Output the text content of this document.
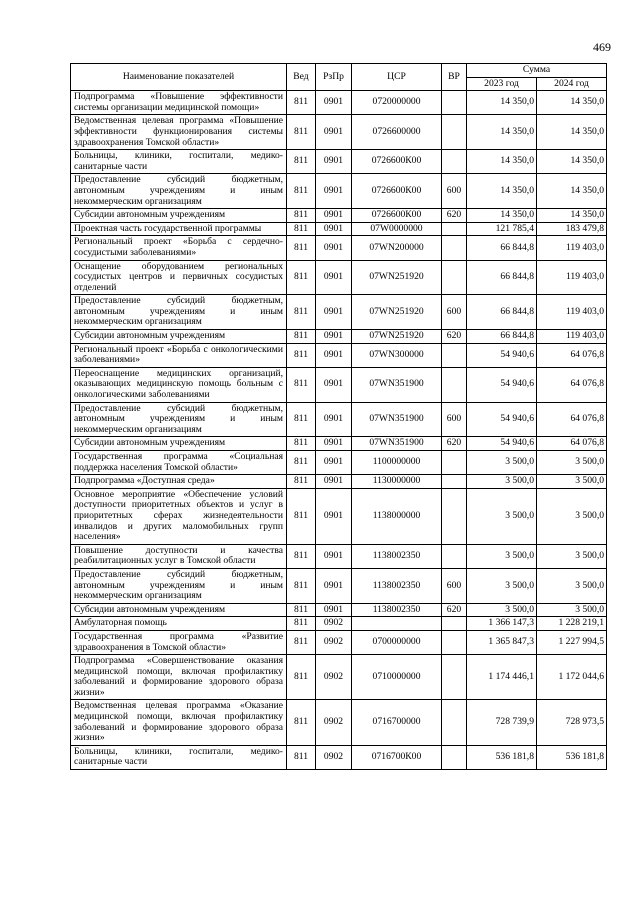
469
Наименование показателей	Вед	РзПр	ЦСР	ВР	Сумма	
					2023 год	2024 год
Подпрограмма «Повышение эффективности системы организации медицинской помощи»	811	0901	0720000000		14 350,0	14 350,0
Ведомственная целевая программа «Повышение эффективности функционирования системы здравоохранения Томской области»	811	0901	0726600000		14 350,0	14 350,0
Больницы, клиники, госпитали, медико-санитарные части	811	0901	0726600К00		14 350,0	14 350,0
Предоставление субсидий бюджетным, автономным учреждениям и иным некоммерческим организациям	811	0901	0726600К00	600	14 350,0	14 350,0
Субсидии автономным учреждениям	811	0901	0726600К00	620	14 350,0	14 350,0
Проектная часть государственной программы	811	0901	07W0000000		121 785,4	183 479,8
Региональный проект «Борьба с сердечно-сосудистыми заболеваниями»	811	0901	07WN200000		66 844,8	119 403,0
Оснащение оборудованием региональных сосудистых центров и первичных сосудистых отделений	811	0901	07WN251920		66 844,8	119 403,0
Предоставление субсидий бюджетным, автономным учреждениям и иным некоммерческим организациям	811	0901	07WN251920	600	66 844,8	119 403,0
Субсидии автономным учреждениям	811	0901	07WN251920	620	66 844,8	119 403,0
Региональный проект «Борьба с онкологическими заболеваниями»	811	0901	07WN300000		54 940,6	64 076,8
Переоснащение медицинских организаций, оказывающих медицинскую помощь больным с онкологическими заболеваниями	811	0901	07WN351900		54 940,6	64 076,8
Предоставление субсидий бюджетным, автономным учреждениям и иным некоммерческим организациям	811	0901	07WN351900	600	54 940,6	64 076,8
Субсидии автономным учреждениям	811	0901	07WN351900	620	54 940,6	64 076,8
Государственная программа «Социальная поддержка населения Томской области»	811	0901	1100000000		3 500,0	3 500,0
Подпрограмма «Доступная среда»	811	0901	1130000000		3 500,0	3 500,0
Основное мероприятие «Обеспечение условий доступности приоритетных объектов и услуг в приоритетных сферах жизнедеятельности инвалидов и других маломобильных групп населения»	811	0901	1138000000		3 500,0	3 500,0
Повышение доступности и качества реабилитационных услуг в Томской области	811	0901	1138002350		3 500,0	3 500,0
Предоставление субсидий бюджетным, автономным учреждениям и иным некоммерческим организациям	811	0901	1138002350	600	3 500,0	3 500,0
Субсидии автономным учреждениям	811	0901	1138002350	620	3 500,0	3 500,0
Амбулаторная помощь	811	0902			1 366 147,3	1 228 219,1
Государственная программа «Развитие здравоохранения в Томской области»	811	0902	0700000000		1 365 847,3	1 227 994,5
Подпрограмма «Совершенствование оказания медицинской помощи, включая профилактику заболеваний и формирование здорового образа жизни»	811	0902	0710000000		1 174 446,1	1 172 044,6
Ведомственная целевая программа «Оказание медицинской помощи, включая профилактику заболеваний и формирование здорового образа жизни»	811	0902	0716700000		728 739,9	728 973,5
Больницы, клиники, госпитали, медико-санитарные части	811	0902	0716700К00		536 181,8	536 181,8
